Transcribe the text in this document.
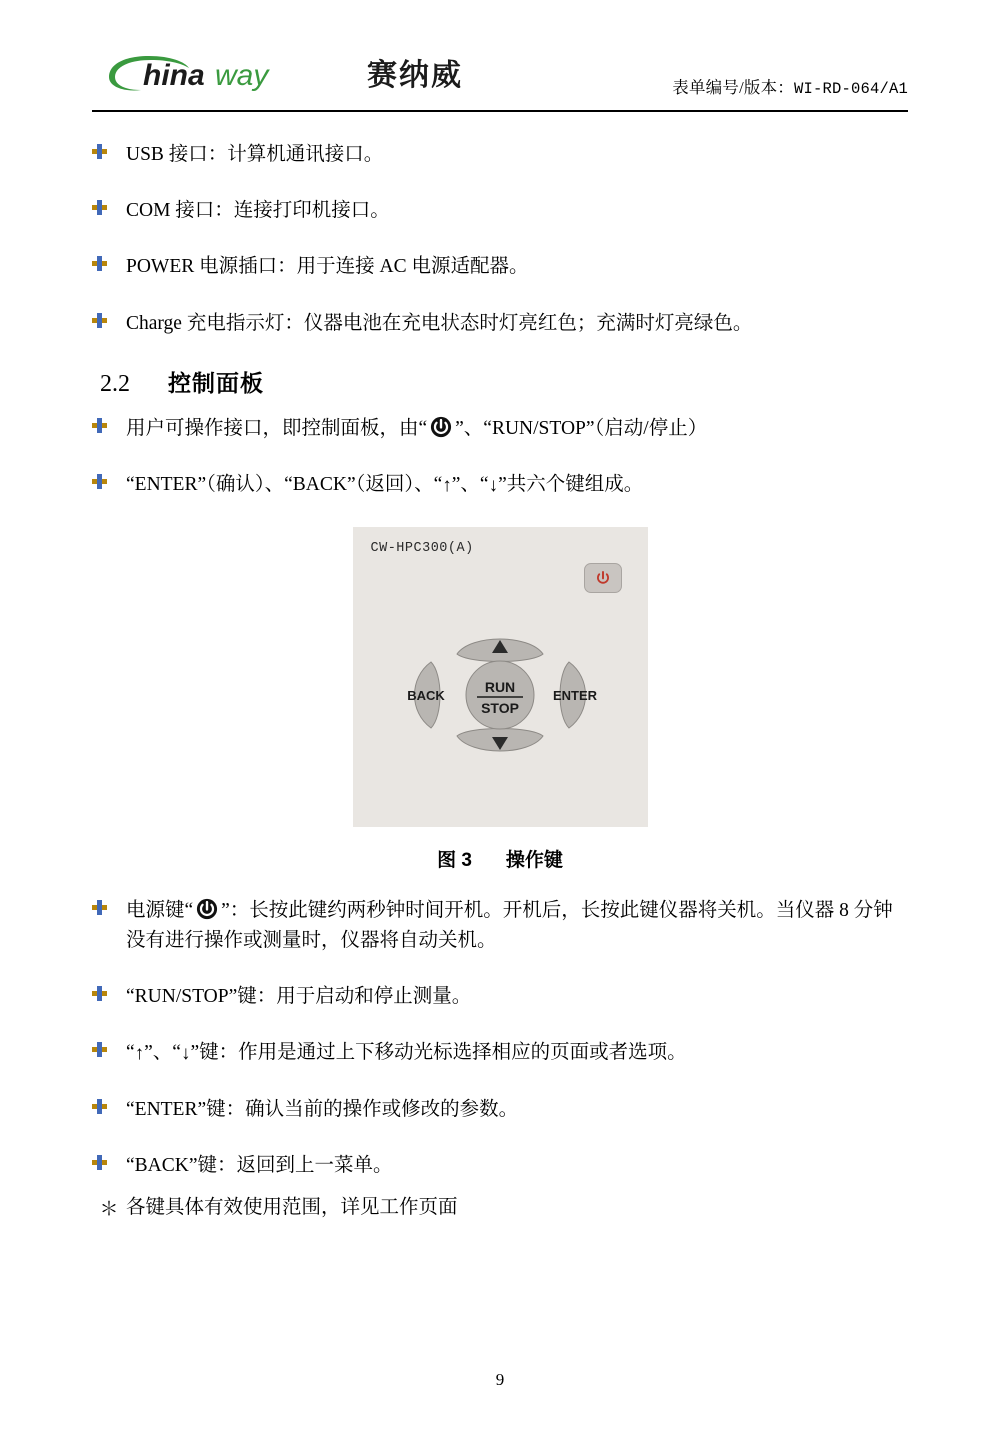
hina way	赛纳威	表单编号/版本：WI-RD-064/A1
USB 接口：计算机通讯接口。
COM 接口：连接打印机接口。
POWER 电源插口：用于连接 AC 电源适配器。
Charge 充电指示灯：仪器电池在充电状态时灯亮红色；充满时灯亮绿色。
2.2 控制面板
用户可操作接口，即控制面板，由“ ”、“RUN/STOP”（启动/停止）
“ENTER”（确认）、“BACK”（返回）、“↑”、“↓”共六个键组成。
CW-HPC300(A)
BACK	ENTER
RUN
STOP
图 3 操作键
电源键“ ”：长按此键约两秒钟时间开机。开机后，长按此键仪器将关机。当仪器 8 分钟没有进行操作或测量时，仪器将自动关机。
“RUN/STOP”键：用于启动和停止测量。
“↑”、“↓”键：作用是通过上下移动光标选择相应的页面或者选项。
“ENTER”键：确认当前的操作或修改的参数。
“BACK”键：返回到上一菜单。
＊ 各键具体有效使用范围，详见工作页面
9
